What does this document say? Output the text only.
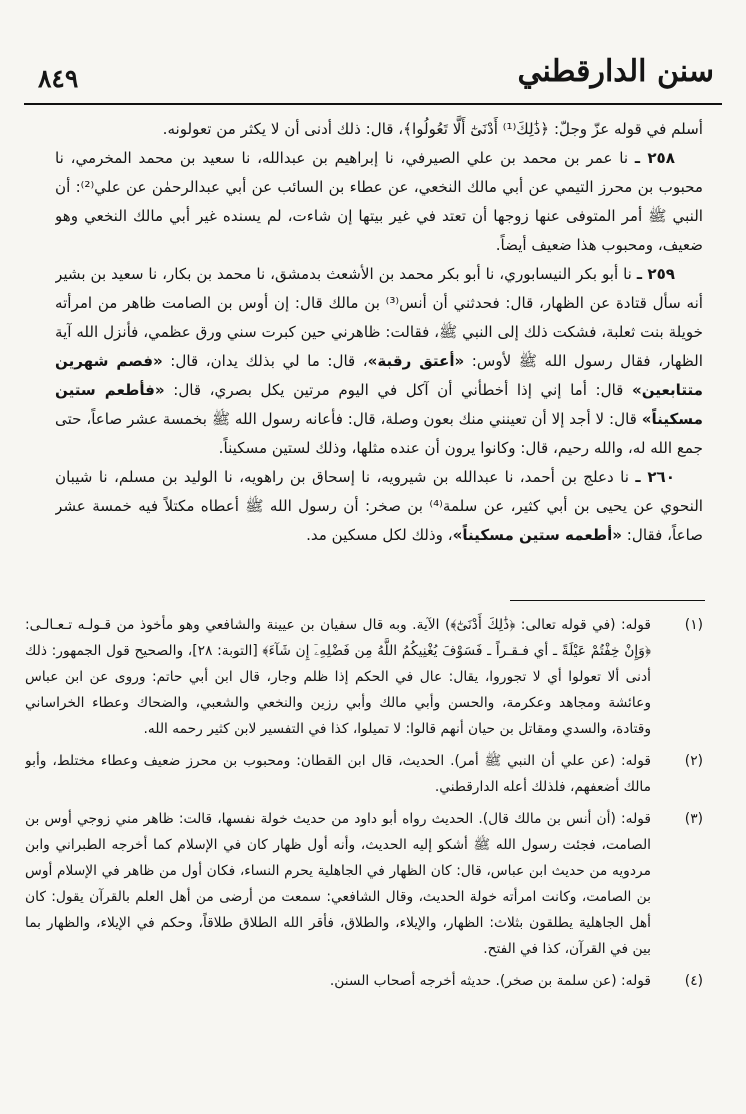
سنن الدارقطني
٨٤٩

أسلم في قوله عزّ وجلّ: ﴿ذَٰلِكَ⁽¹⁾ أَدْنَىٰٓ أَلَّا تَعُولُوا﴾، قال: ذلك أدنى أن لا يكثر من تعولونه.

٢٥٨ ـ نا عمر بن محمد بن علي الصيرفي، نا إبراهيم بن عبدالله، نا سعيد بن محمد المخرمي، نا محبوب بن محرز التيمي عن أبي مالك النخعي، عن عطاء بن السائب عن أبي عبدالرحمٰن عن علي⁽²⁾: أن النبي ﷺ أمر المتوفى عنها زوجها أن تعتد في غير بيتها إن شاءت، لم يسنده غير أبي مالك النخعي وهو ضعيف، ومحبوب هذا ضعيف أيضاً.

٢٥٩ ـ نا أبو بكر النيسابوري، نا أبو بكر محمد بن الأشعث بدمشق، نا محمد بن بكار، نا سعيد بن بشير أنه سأل قتادة عن الظهار، قال: فحدثني أن أنس⁽³⁾ بن مالك قال: إن أوس بن الصامت ظاهر من امرأته خويلة بنت ثعلبة، فشكت ذلك إلى النبي ﷺ، فقالت: ظاهرني حين كبرت سني ورق عظمي، فأنزل الله آية الظهار، فقال رسول الله ﷺ لأوس: «أعتق رقبة»، قال: ما لي بذلك يدان، قال: «فصم شهرين متتابعين» قال: أما إني إذا أخطأني أن آكل في اليوم مرتين يكل بصري، قال: «فأطعم ستين مسكيناً» قال: لا أجد إلا أن تعينني منك بعون وصلة، قال: فأعانه رسول الله ﷺ بخمسة عشر صاعاً، حتى جمع الله له، والله رحيم، قال: وكانوا يرون أن عنده مثلها، وذلك لستين مسكيناً.

٢٦٠ ـ نا دعلج بن أحمد، نا عبدالله بن شيرويه، نا إسحاق بن راهويه، نا الوليد بن مسلم، نا شيبان النحوي عن يحيى بن أبي كثير، عن سلمة⁽⁴⁾ بن صخر: أن رسول الله ﷺ أعطاه مكتلاً فيه خمسة عشر صاعاً، فقال: «أطعمه ستين مسكيناً»، وذلك لكل مسكين مد.

(١)
قوله: (في قوله تعالى: ﴿ذَٰلِكَ أَدْنَىٰٓ﴾) الآية. وبه قال سفيان بن عيينة والشافعي وهو مأخوذ من قـولـه تـعـالـى: ﴿وَإِنْ خِفْتُمْ عَيْلَةً ـ أي فـقـراً ـ فَسَوْفَ يُغْنِيكُمُ اللَّهُ مِن فَضْلِهِۦٓ إِن شَآءَ﴾ [التوبة: ٢٨]، والصحيح قول الجمهور: ذلك أدنى ألا تعولوا أي لا تجوروا، يقال: عال في الحكم إذا ظلم وجار، قال ابن أبي حاتم: وروى عن ابن عباس وعائشة ومجاهد وعكرمة، والحسن وأبي مالك وأبي رزين والنخعي والشعبي، والضحاك وعطاء الخراساني وقتادة، والسدي ومقاتل بن حيان أنهم قالوا: لا تميلوا، كذا في التفسير لابن كثير رحمه الله.
(٢)
قوله: (عن علي أن النبي ﷺ أمر). الحديث، قال ابن القطان: ومحبوب بن محرز ضعيف وعطاء مختلط، وأبو مالك أضعفهم، فلذلك أعله الدارقطني.
(٣)
قوله: (أن أنس بن مالك قال). الحديث رواه أبو داود من حديث خولة نفسها، قالت: ظاهر مني زوجي أوس بن الصامت، فجئت رسول الله ﷺ أشكو إليه الحديث، وأنه أول ظهار كان في الإسلام كما أخرجه الطبراني وابن مردويه من حديث ابن عباس، قال: كان الظهار في الجاهلية يحرم النساء، فكان أول من ظاهر في الإسلام أوس بن الصامت، وكانت امرأته خولة الحديث، وقال الشافعي: سمعت من أرضى من أهل العلم بالقرآن يقول: كان أهل الجاهلية يطلقون بثلاث: الظهار، والإيلاء، والطلاق، فأقر الله الطلاق طلاقاً، وحكم في الإيلاء، والظهار بما بين في القرآن، كذا في الفتح.
(٤)
قوله: (عن سلمة بن صخر). حديثه أخرجه أصحاب السنن.
